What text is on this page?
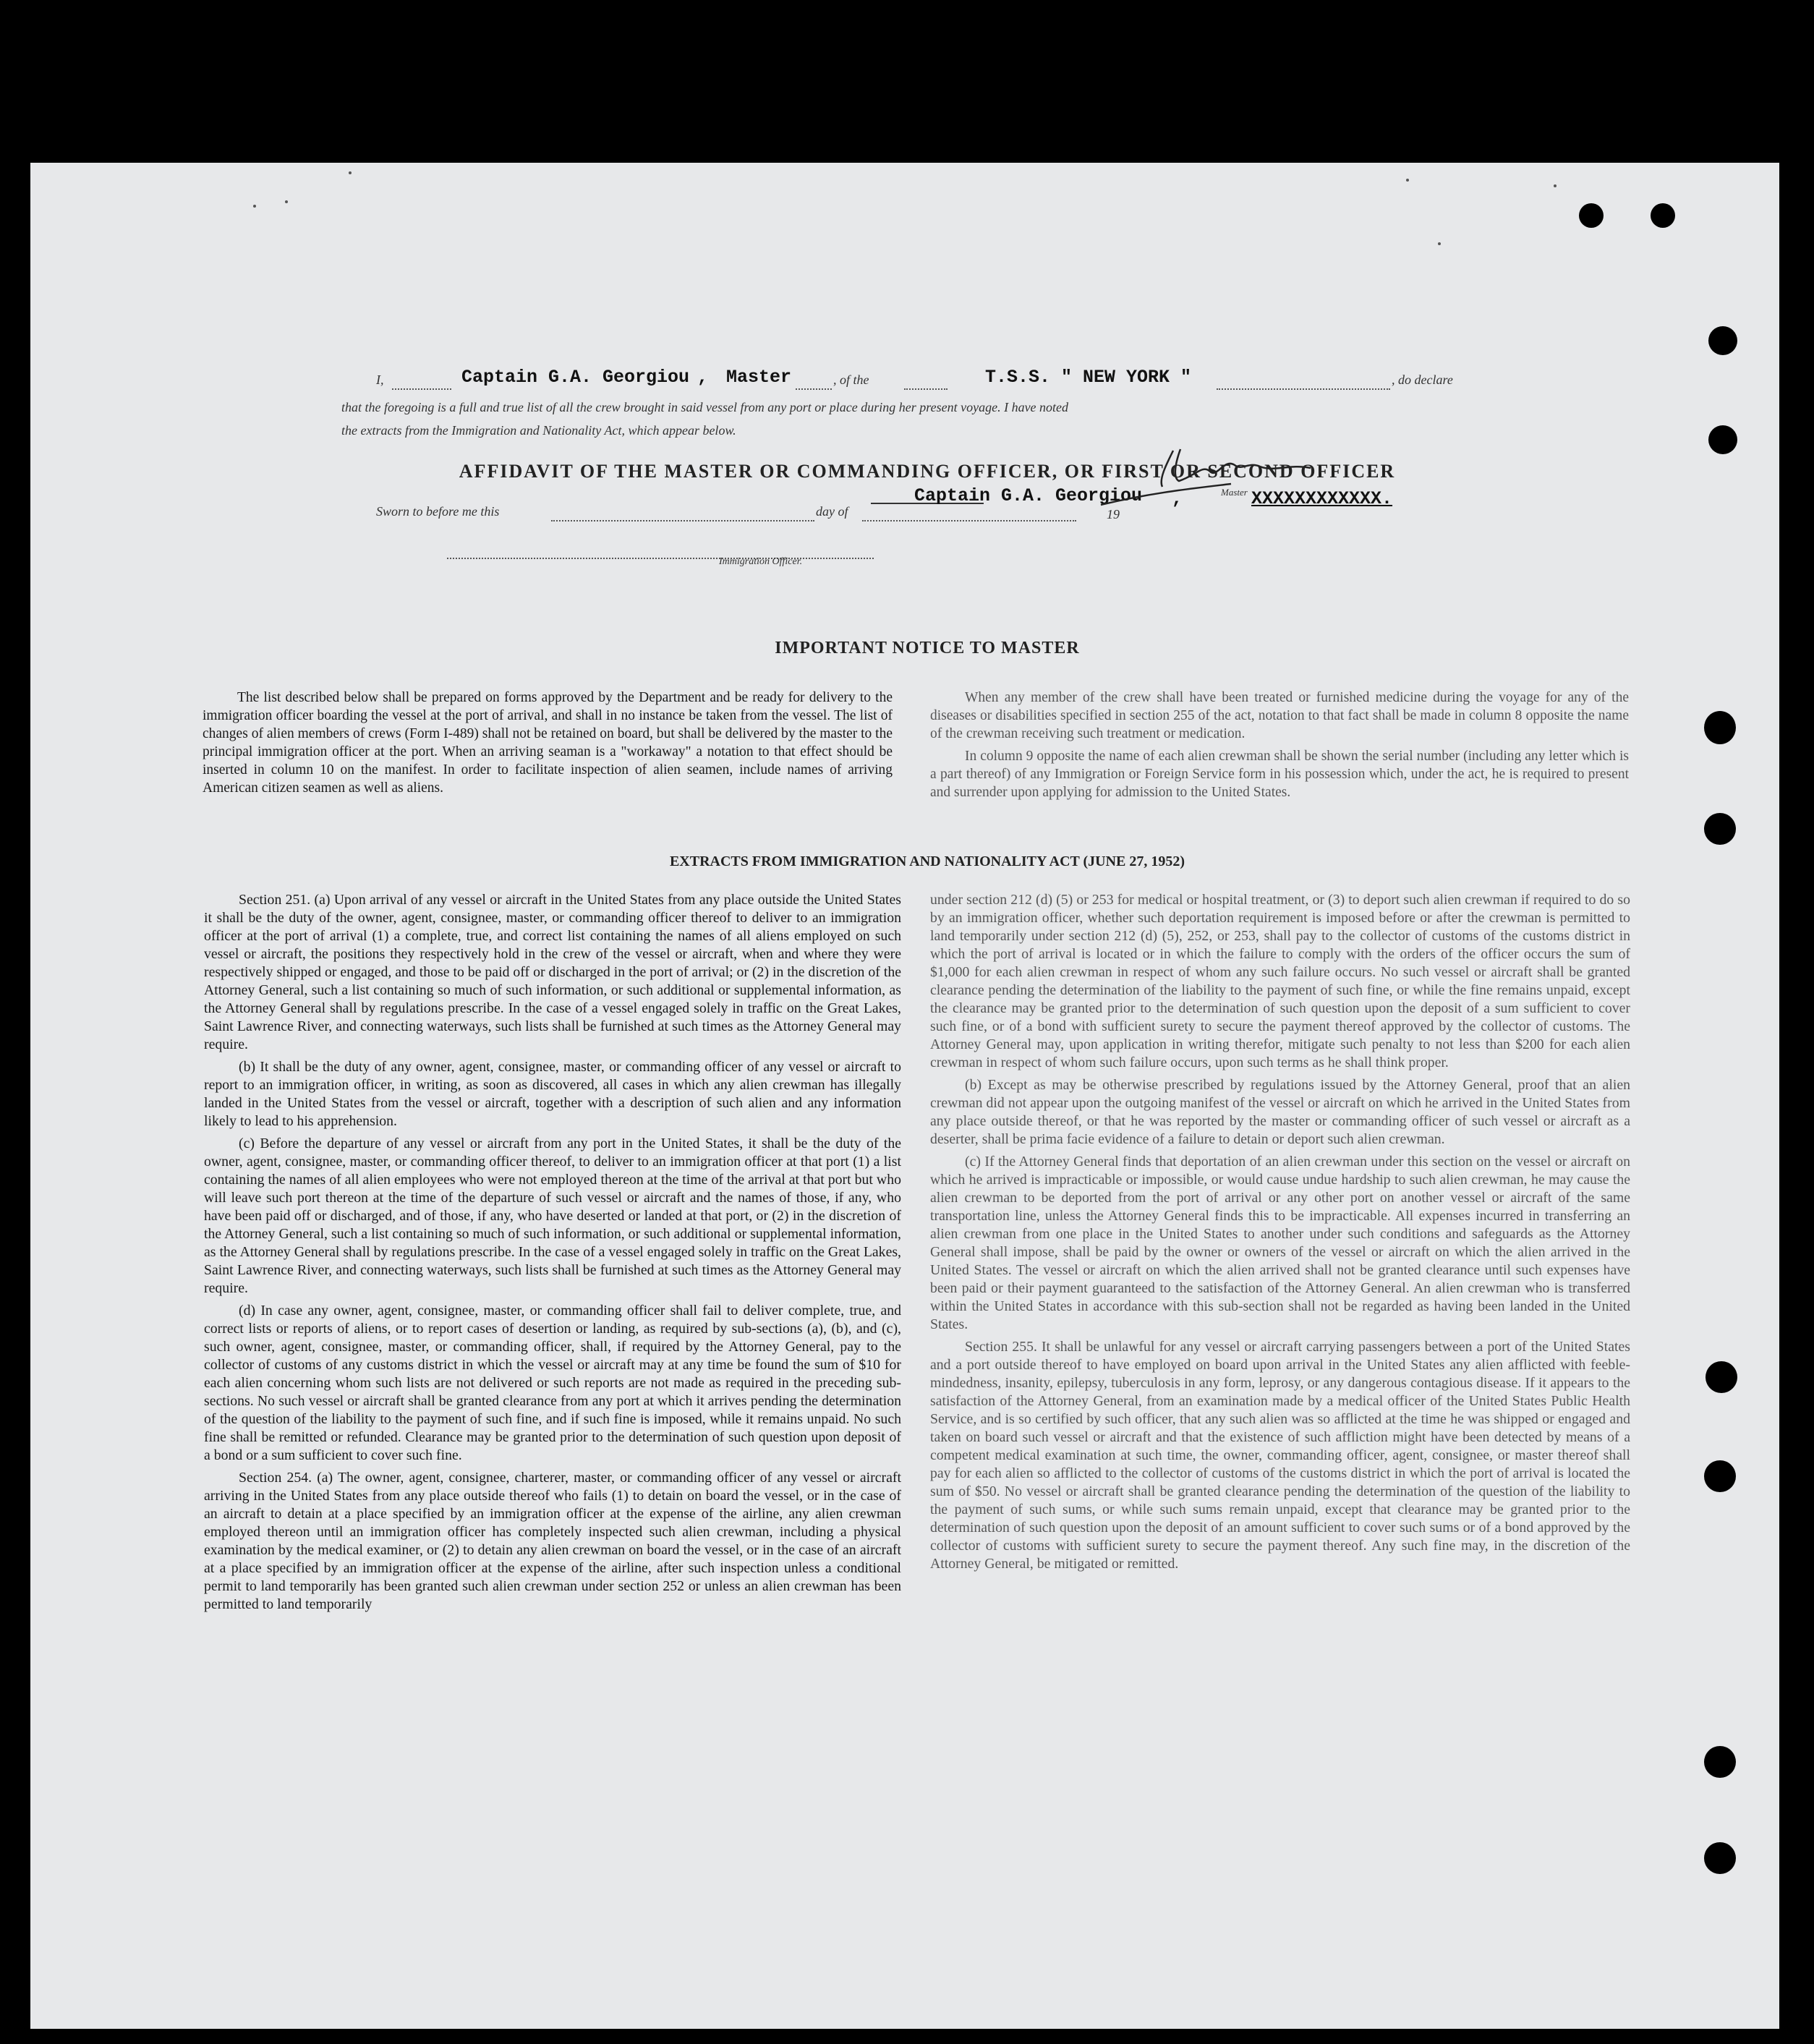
AFFIDAVIT OF THE MASTER OR COMMANDING OFFICER, OR FIRST OR SECOND OFFICER
I,	Captain G.A. Georgiou , Master	, of the	T.S.S. " NEW YORK "	, do declare
that the foregoing is a full and true list of all the crew brought in said vessel from any port or place during her present voyage. I have noted
the extracts from the Immigration and Nationality Act, which appear below.
Sworn to before me this	day of	19
Captain G.A. Georgiou ,	Master XXXXXXXXXXXX.
Immigration Officer.
IMPORTANT NOTICE TO MASTER

The list described below shall be prepared on forms approved by the Department and be ready for delivery to the immigration officer boarding the vessel at the port of arrival, and shall in no instance be taken from the vessel. The list of changes of alien members of crews (Form I-489) shall not be retained on board, but shall be delivered by the master to the principal immigration officer at the port. When an arriving seaman is a "workaway" a notation to that effect should be inserted in column 10 on the manifest. In order to facilitate inspection of alien seamen, include names of arriving American citizen seamen as well as aliens.

When any member of the crew shall have been treated or furnished medicine during the voyage for any of the diseases or disabilities specified in section 255 of the act, notation to that fact shall be made in column 8 opposite the name of the crewman receiving such treatment or medication.

In column 9 opposite the name of each alien crewman shall be shown the serial number (including any letter which is a part thereof) of any Immigration or Foreign Service form in his possession which, under the act, he is required to present and surrender upon applying for admission to the United States.

EXTRACTS FROM IMMIGRATION AND NATIONALITY ACT (JUNE 27, 1952)

Section 251. (a) Upon arrival of any vessel or aircraft in the United States from any place outside the United States it shall be the duty of the owner, agent, consignee, master, or commanding officer thereof to deliver to an immigration officer at the port of arrival (1) a complete, true, and correct list containing the names of all aliens employed on such vessel or aircraft, the positions they respectively hold in the crew of the vessel or aircraft, when and where they were respectively shipped or engaged, and those to be paid off or discharged in the port of arrival; or (2) in the discretion of the Attorney General, such a list containing so much of such information, or such additional or supplemental information, as the Attorney General shall by regulations prescribe. In the case of a vessel engaged solely in traffic on the Great Lakes, Saint Lawrence River, and connecting waterways, such lists shall be furnished at such times as the Attorney General may require.

(b) It shall be the duty of any owner, agent, consignee, master, or commanding officer of any vessel or aircraft to report to an immigration officer, in writing, as soon as discovered, all cases in which any alien crewman has illegally landed in the United States from the vessel or aircraft, together with a description of such alien and any information likely to lead to his apprehension.

(c) Before the departure of any vessel or aircraft from any port in the United States, it shall be the duty of the owner, agent, consignee, master, or commanding officer thereof, to deliver to an immigration officer at that port (1) a list containing the names of all alien employees who were not employed thereon at the time of the arrival at that port but who will leave such port thereon at the time of the departure of such vessel or aircraft and the names of those, if any, who have been paid off or discharged, and of those, if any, who have deserted or landed at that port, or (2) in the discretion of the Attorney General, such a list containing so much of such information, or such additional or supplemental information, as the Attorney General shall by regulations prescribe. In the case of a vessel engaged solely in traffic on the Great Lakes, Saint Lawrence River, and connecting waterways, such lists shall be furnished at such times as the Attorney General may require.

(d) In case any owner, agent, consignee, master, or commanding officer shall fail to deliver complete, true, and correct lists or reports of aliens, or to report cases of desertion or landing, as required by sub-sections (a), (b), and (c), such owner, agent, consignee, master, or commanding officer, shall, if required by the Attorney General, pay to the collector of customs of any customs district in which the vessel or aircraft may at any time be found the sum of $10 for each alien concerning whom such lists are not delivered or such reports are not made as required in the preceding sub-sections. No such vessel or aircraft shall be granted clearance from any port at which it arrives pending the determination of the question of the liability to the payment of such fine, and if such fine is imposed, while it remains unpaid. No such fine shall be remitted or refunded. Clearance may be granted prior to the determination of such question upon deposit of a bond or a sum sufficient to cover such fine.

Section 254. (a) The owner, agent, consignee, charterer, master, or commanding officer of any vessel or aircraft arriving in the United States from any place outside thereof who fails (1) to detain on board the vessel, or in the case of an aircraft to detain at a place specified by an immigration officer at the expense of the airline, any alien crewman employed thereon until an immigration officer has completely inspected such alien crewman, including a physical examination by the medical examiner, or (2) to detain any alien crewman on board the vessel, or in the case of an aircraft at a place specified by an immigration officer at the expense of the airline, after such inspection unless a conditional permit to land temporarily has been granted such alien crewman under section 252 or unless an alien crewman has been permitted to land temporarily

under section 212 (d) (5) or 253 for medical or hospital treatment, or (3) to deport such alien crewman if required to do so by an immigration officer, whether such deportation requirement is imposed before or after the crewman is permitted to land temporarily under section 212 (d) (5), 252, or 253, shall pay to the collector of customs of the customs district in which the port of arrival is located or in which the failure to comply with the orders of the officer occurs the sum of $1,000 for each alien crewman in respect of whom any such failure occurs. No such vessel or aircraft shall be granted clearance pending the determination of the liability to the payment of such fine, or while the fine remains unpaid, except the clearance may be granted prior to the determination of such question upon the deposit of a sum sufficient to cover such fine, or of a bond with sufficient surety to secure the payment thereof approved by the collector of customs. The Attorney General may, upon application in writing therefor, mitigate such penalty to not less than $200 for each alien crewman in respect of whom such failure occurs, upon such terms as he shall think proper.

(b) Except as may be otherwise prescribed by regulations issued by the Attorney General, proof that an alien crewman did not appear upon the outgoing manifest of the vessel or aircraft on which he arrived in the United States from any place outside thereof, or that he was reported by the master or commanding officer of such vessel or aircraft as a deserter, shall be prima facie evidence of a failure to detain or deport such alien crewman.

(c) If the Attorney General finds that deportation of an alien crewman under this section on the vessel or aircraft on which he arrived is impracticable or impossible, or would cause undue hardship to such alien crewman, he may cause the alien crewman to be deported from the port of arrival or any other port on another vessel or aircraft of the same transportation line, unless the Attorney General finds this to be impracticable. All expenses incurred in transferring an alien crewman from one place in the United States to another under such conditions and safeguards as the Attorney General shall impose, shall be paid by the owner or owners of the vessel or aircraft on which the alien arrived in the United States. The vessel or aircraft on which the alien arrived shall not be granted clearance until such expenses have been paid or their payment guaranteed to the satisfaction of the Attorney General. An alien crewman who is transferred within the United States in accordance with this sub-section shall not be regarded as having been landed in the United States.

Section 255. It shall be unlawful for any vessel or aircraft carrying passengers between a port of the United States and a port outside thereof to have employed on board upon arrival in the United States any alien afflicted with feeble-mindedness, insanity, epilepsy, tuberculosis in any form, leprosy, or any dangerous contagious disease. If it appears to the satisfaction of the Attorney General, from an examination made by a medical officer of the United States Public Health Service, and is so certified by such officer, that any such alien was so afflicted at the time he was shipped or engaged and taken on board such vessel or aircraft and that the existence of such affliction might have been detected by means of a competent medical examination at such time, the owner, commanding officer, agent, consignee, or master thereof shall pay for each alien so afflicted to the collector of customs of the customs district in which the port of arrival is located the sum of $50. No vessel or aircraft shall be granted clearance pending the determination of the question of the liability to the payment of such sums, or while such sums remain unpaid, except that clearance may be granted prior to the determination of such question upon the deposit of an amount sufficient to cover such sums or of a bond approved by the collector of customs with sufficient surety to secure the payment thereof. Any such fine may, in the discretion of the Attorney General, be mitigated or remitted.
